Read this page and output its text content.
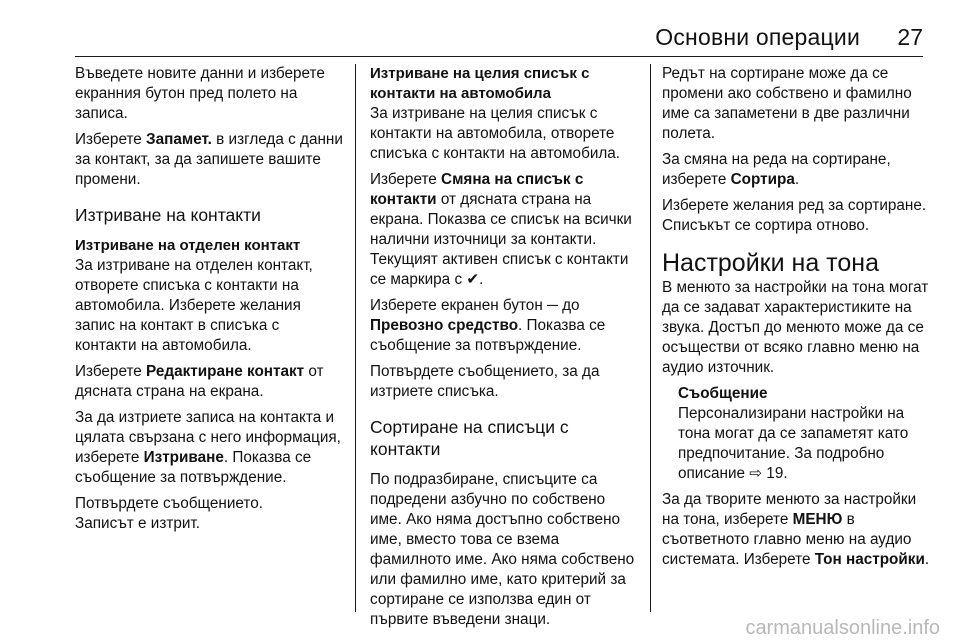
Основни операции 27

Въведете новите данни и изберете екранния бутон пред полето на записа.

Изберете Запамет. в изгледа с данни за контакт, за да запишете вашите промени.

Изтриване на контакти
Изтриване на отделен контакт

За изтриване на отделен контакт, отворете списъка с контакти на автомобила. Изберете желания запис на контакт в списъка с контакти на автомобила.

Изберете Редактиране контакт от дясната страна на екрана.

За да изтриете записа на контакта и цялата свързана с него информация, изберете Изтриване. Показва се съобщение за потвърждение.

Потвърдете съобщението.
Записът е изтрит.

Изтриване на целия списък с контакти на автомобила

За изтриване на целия списък с контакти на автомобила, отворете списъка с контакти на автомобила.

Изберете Смяна на списък с контакти от дясната страна на екрана. Показва се списък на всички налични източници за контакти. Текущият активен списък с контакти се маркира с ✔.

Изберете екранен бутон ─ до Превозно средство. Показва се съобщение за потвърждение.

Потвърдете съобщението, за да изтриете списъка.

Сортиране на списъци с контакти

По подразбиране, списъците са подредени азбучно по собствено име. Ако няма достъпно собствено име, вместо това се взема фамилното име. Ако няма собствено или фамилно име, като критерий за сортиране се използва един от първите въведени знаци.

Редът на сортиране може да се промени ако собствено и фамилно име са запаметени в две различни полета.

За смяна на реда на сортиране, изберете Сортира.

Изберете желания ред за сортиране. Списъкът се сортира отново.

Настройки на тона

В менюто за настройки на тона могат да се задават характеристиките на звука. Достъп до менюто може да се осъществи от всяко главно меню на аудио източник.

Съобщение
Персонализирани настройки на тона могат да се запаметят като предпочитание. За подробно описание ⇨ 19.

За да творите менюто за настройки на тона, изберете МЕНЮ в съответното главно меню на аудио системата. Изберете Тон настройки.

carmanualsonline.info
